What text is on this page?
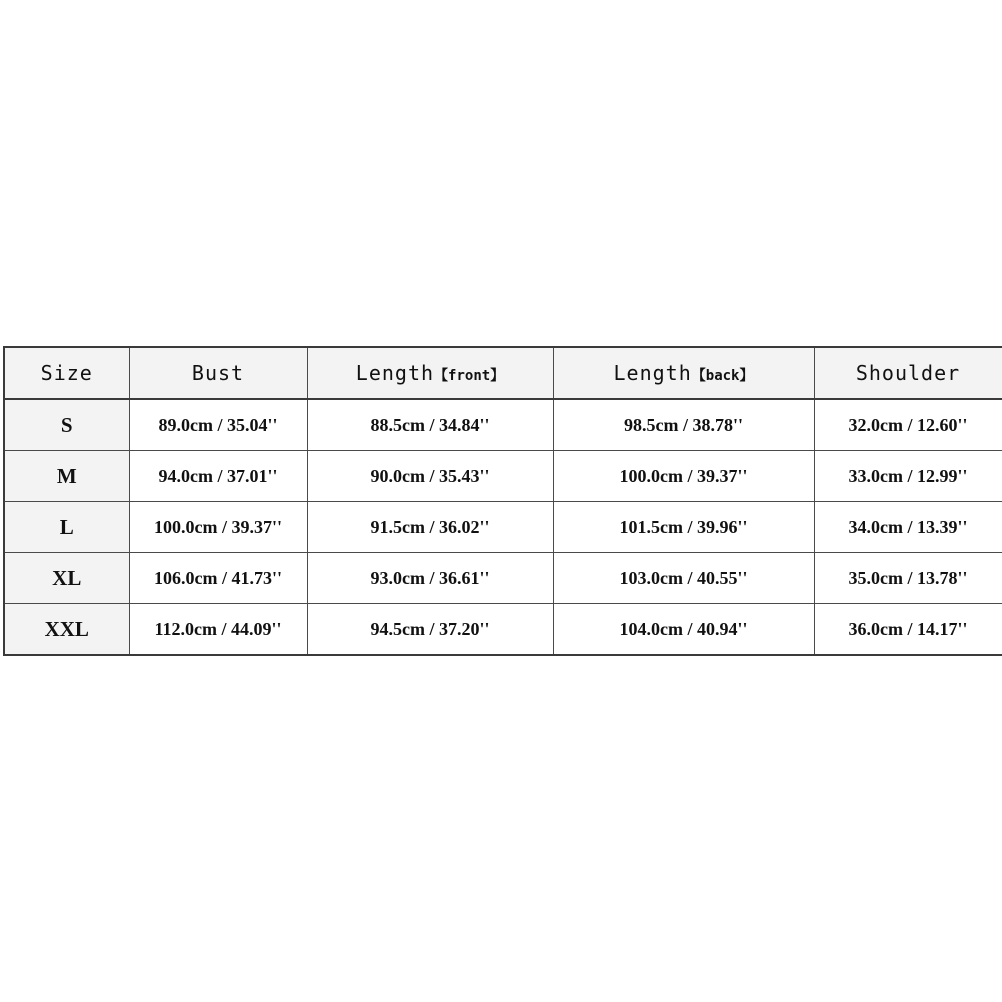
Size	Bust	Length【front】	Length【back】	Shoulder
S	89.0cm / 35.04''	88.5cm / 34.84''	98.5cm / 38.78''	32.0cm / 12.60''
M	94.0cm / 37.01''	90.0cm / 35.43''	100.0cm / 39.37''	33.0cm / 12.99''
L	100.0cm / 39.37''	91.5cm / 36.02''	101.5cm / 39.96''	34.0cm / 13.39''
XL	106.0cm / 41.73''	93.0cm / 36.61''	103.0cm / 40.55''	35.0cm / 13.78''
XXL	112.0cm / 44.09''	94.5cm / 37.20''	104.0cm / 40.94''	36.0cm / 14.17''
